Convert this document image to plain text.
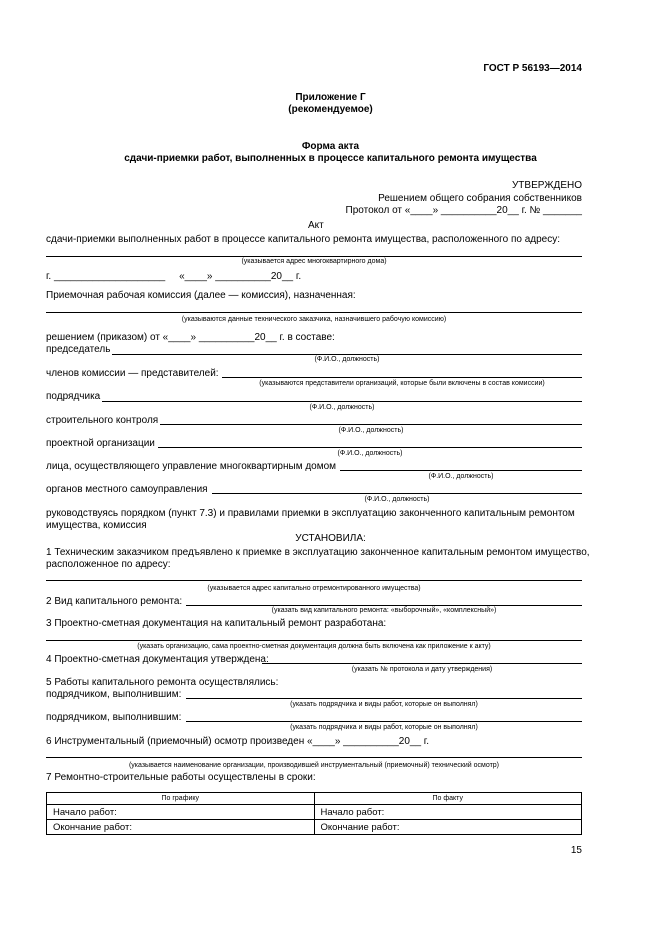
ГОСТ Р 56193—2014
Приложение Г
(рекомендуемое)
Форма акта
сдачи-приемки работ, выполненных в процессе капитального ремонта имущества
УТВЕРЖДЕНО
Решением общего собрания собственников
Протокол от «____» __________20__ г. № _______
Акт
сдачи-приемки выполненных работ в процессе капитального ремонта имущества, расположенного по адресу:
(указывается адрес многоквартирного дома)
г. ____________________     «____» __________20__ г.
Приемочная рабочая комиссия (далее — комиссия), назначенная:
(указываются данные технического заказчика, назначившего рабочую комиссию)
решением (приказом) от «____» __________20__ г. в составе:
председатель
(Ф.И.О., должность)
членов комиссии — представителей:
(указываются представители организаций, которые были включены в состав комиссии)
подрядчика
(Ф.И.О., должность)
строительного контроля
(Ф.И.О., должность)
проектной организации
(Ф.И.О., должность)
лица, осуществляющего управление многоквартирным домом
(Ф.И.О., должность)
органов местного самоуправления
(Ф.И.О., должность)
руководствуясь порядком (пункт 7.3) и правилами приемки в эксплуатацию законченного капитальным ремонтом
имущества, комиссия
УСТАНОВИЛА:
1 Техническим заказчиком предъявлено к приемке в эксплуатацию законченное капитальным ремонтом имущество,
расположенное по адресу:
(указывается адрес капитально отремонтированного имущества)
2 Вид капитального ремонта:
(указать вид капитального ремонта: «выборочный», «комплексный»)
3 Проектно-сметная документация на капитальный ремонт разработана:
(указать организацию, сама проектно-сметная документация должна быть включена как приложение к акту)
4 Проектно-сметная документация утверждена:
(указать № протокола и дату утверждения)
5 Работы капитального ремонта осуществлялись:
подрядчиком, выполнившим:
(указать подрядчика и виды работ, которые он выполнял)
подрядчиком, выполнившим:
(указать подрядчика и виды работ, которые он выполнял)
6 Инструментальный (приемочный) осмотр произведен «____» __________20__ г.
(указывается наименование организации, производившей инструментальный (приемочный) технический осмотр)
7 Ремонтно-строительные работы осуществлены в сроки:
По графику	По факту
Начало работ:	Начало работ:
Окончание работ:	Окончание работ:
15
